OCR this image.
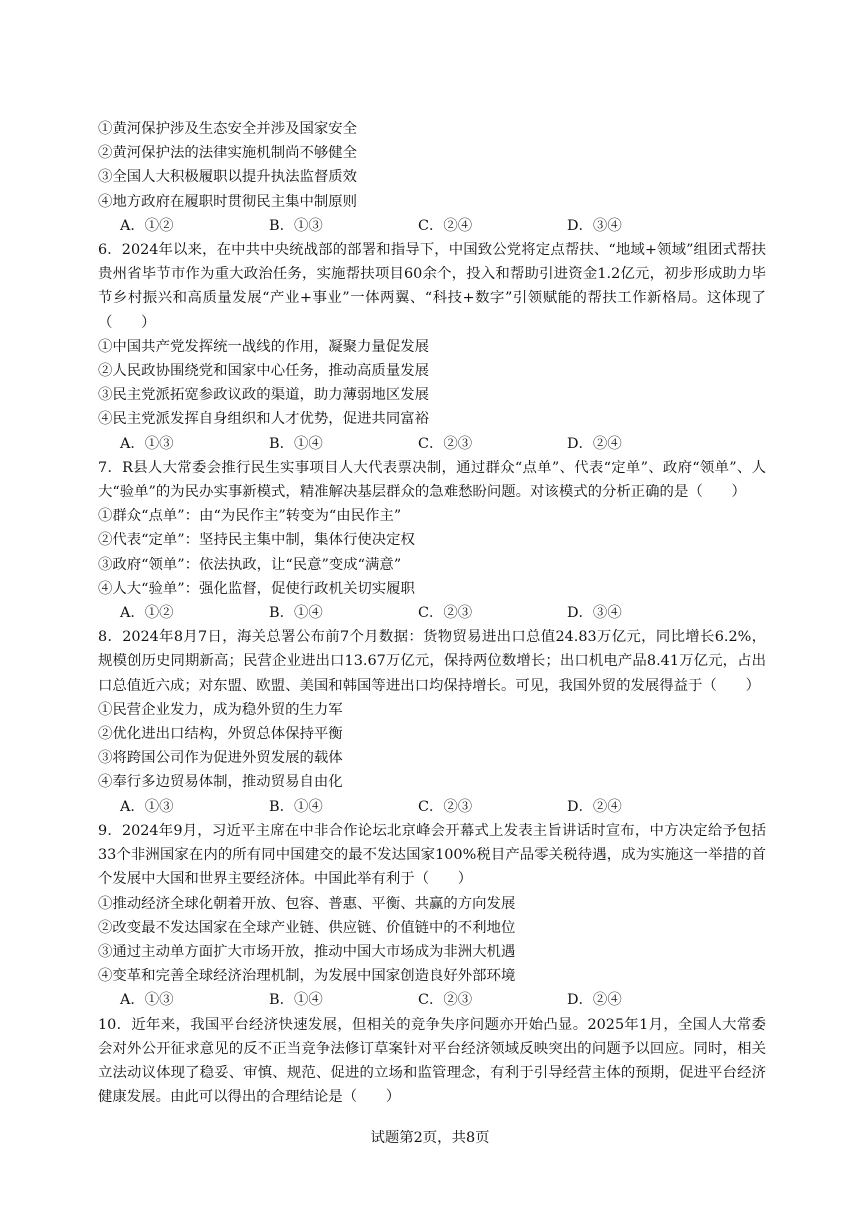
①黄河保护涉及生态安全并涉及国家安全
②黄河保护法的法律实施机制尚不够健全
③全国人大积极履职以提升执法监督质效
④地方政府在履职时贯彻民主集中制原则
A．①②	B．①③	C．②④	D．③④
6．2024年以来，在中共中央统战部的部署和指导下，中国致公党将定点帮扶、“地域+领域”组团式帮扶贵州省毕节市作为重大政治任务，实施帮扶项目60余个，投入和帮助引进资金1.2亿元，初步形成助力毕节乡村振兴和高质量发展“产业+事业”一体两翼、“科技+数字”引领赋能的帮扶工作新格局。这体现了（　　）
①中国共产党发挥统一战线的作用，凝聚力量促发展
②人民政协围绕党和国家中心任务，推动高质量发展
③民主党派拓宽参政议政的渠道，助力薄弱地区发展
④民主党派发挥自身组织和人才优势，促进共同富裕
A．①③	B．①④	C．②③	D．②④
7．R县人大常委会推行民生实事项目人大代表票决制，通过群众“点单”、代表“定单”、政府“领单”、人大“验单”的为民办实事新模式，精准解决基层群众的急难愁盼问题。对该模式的分析正确的是（　　）
①群众“点单”：由“为民作主”转变为“由民作主”
②代表“定单”：坚持民主集中制，集体行使决定权
③政府“领单”：依法执政，让“民意”变成“满意”
④人大“验单”：强化监督，促使行政机关切实履职
A．①②	B．①④	C．②③	D．③④
8．2024年8月7日，海关总署公布前7个月数据：货物贸易进出口总值24.83万亿元，同比增长6.2%，规模创历史同期新高；民营企业进出口13.67万亿元，保持两位数增长；出口机电产品8.41万亿元，占出口总值近六成；对东盟、欧盟、美国和韩国等进出口均保持增长。可见，我国外贸的发展得益于（　　）
①民营企业发力，成为稳外贸的生力军
②优化进出口结构，外贸总体保持平衡
③将跨国公司作为促进外贸发展的载体
④奉行多边贸易体制，推动贸易自由化
A．①③	B．①④	C．②③	D．②④
9．2024年9月，习近平主席在中非合作论坛北京峰会开幕式上发表主旨讲话时宣布，中方决定给予包括33个非洲国家在内的所有同中国建交的最不发达国家100%税目产品零关税待遇，成为实施这一举措的首个发展中大国和世界主要经济体。中国此举有利于（　　）
①推动经济全球化朝着开放、包容、普惠、平衡、共赢的方向发展
②改变最不发达国家在全球产业链、供应链、价值链中的不利地位
③通过主动单方面扩大市场开放，推动中国大市场成为非洲大机遇
④变革和完善全球经济治理机制，为发展中国家创造良好外部环境
A．①③	B．①④	C．②③	D．②④
10．近年来，我国平台经济快速发展，但相关的竞争失序问题亦开始凸显。2025年1月，全国人大常委会对外公开征求意见的反不正当竞争法修订草案针对平台经济领域反映突出的问题予以回应。同时，相关立法动议体现了稳妥、审慎、规范、促进的立场和监管理念，有利于引导经营主体的预期，促进平台经济健康发展。由此可以得出的合理结论是（　　）
试题第2页，共8页
